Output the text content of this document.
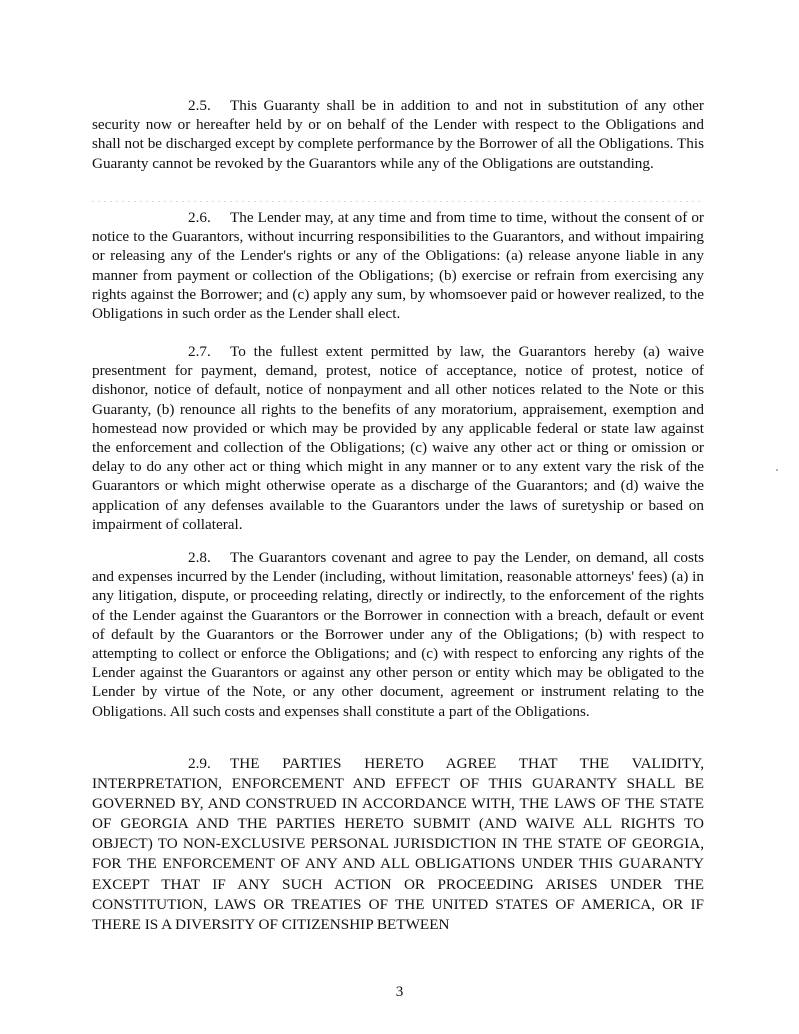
2.5. This Guaranty shall be in addition to and not in substitution of any other security now or hereafter held by or on behalf of the Lender with respect to the Obligations and shall not be discharged except by complete performance by the Borrower of all the Obligations. This Guaranty cannot be revoked by the Guarantors while any of the Obligations are outstanding.

2.6. The Lender may, at any time and from time to time, without the consent of or notice to the Guarantors, without incurring responsibilities to the Guarantors, and without impairing or releasing any of the Lender's rights or any of the Obligations: (a) release anyone liable in any manner from payment or collection of the Obligations; (b) exercise or refrain from exercising any rights against the Borrower; and (c) apply any sum, by whomsoever paid or however realized, to the Obligations in such order as the Lender shall elect.

2.7. To the fullest extent permitted by law, the Guarantors hereby (a) waive presentment for payment, demand, protest, notice of acceptance, notice of protest, notice of dishonor, notice of default, notice of nonpayment and all other notices related to the Note or this Guaranty, (b) renounce all rights to the benefits of any moratorium, appraisement, exemption and homestead now provided or which may be provided by any applicable federal or state law against the enforcement and collection of the Obligations; (c) waive any other act or thing or omission or delay to do any other act or thing which might in any manner or to any extent vary the risk of the Guarantors or which might otherwise operate as a discharge of the Guarantors; and (d) waive the application of any defenses available to the Guarantors under the laws of suretyship or based on impairment of collateral.

2.8. The Guarantors covenant and agree to pay the Lender, on demand, all costs and expenses incurred by the Lender (including, without limitation, reasonable attorneys' fees) (a) in any litigation, dispute, or proceeding relating, directly or indirectly, to the enforcement of the rights of the Lender against the Guarantors or the Borrower in connection with a breach, default or event of default by the Guarantors or the Borrower under any of the Obligations; (b) with respect to attempting to collect or enforce the Obligations; and (c) with respect to enforcing any rights of the Lender against the Guarantors or against any other person or entity which may be obligated to the Lender by virtue of the Note, or any other document, agreement or instrument relating to the Obligations. All such costs and expenses shall constitute a part of the Obligations.

2.9. THE PARTIES HERETO AGREE THAT THE VALIDITY, INTERPRETATION, ENFORCEMENT AND EFFECT OF THIS GUARANTY SHALL BE GOVERNED BY, AND CONSTRUED IN ACCORDANCE WITH, THE LAWS OF THE STATE OF GEORGIA AND THE PARTIES HERETO SUBMIT (AND WAIVE ALL RIGHTS TO OBJECT) TO NON-EXCLUSIVE PERSONAL JURISDICTION IN THE STATE OF GEORGIA, FOR THE ENFORCEMENT OF ANY AND ALL OBLIGATIONS UNDER THIS GUARANTY EXCEPT THAT IF ANY SUCH ACTION OR PROCEEDING ARISES UNDER THE CONSTITUTION, LAWS OR TREATIES OF THE UNITED STATES OF AMERICA, OR IF THERE IS A DIVERSITY OF CITIZENSHIP BETWEEN

3
